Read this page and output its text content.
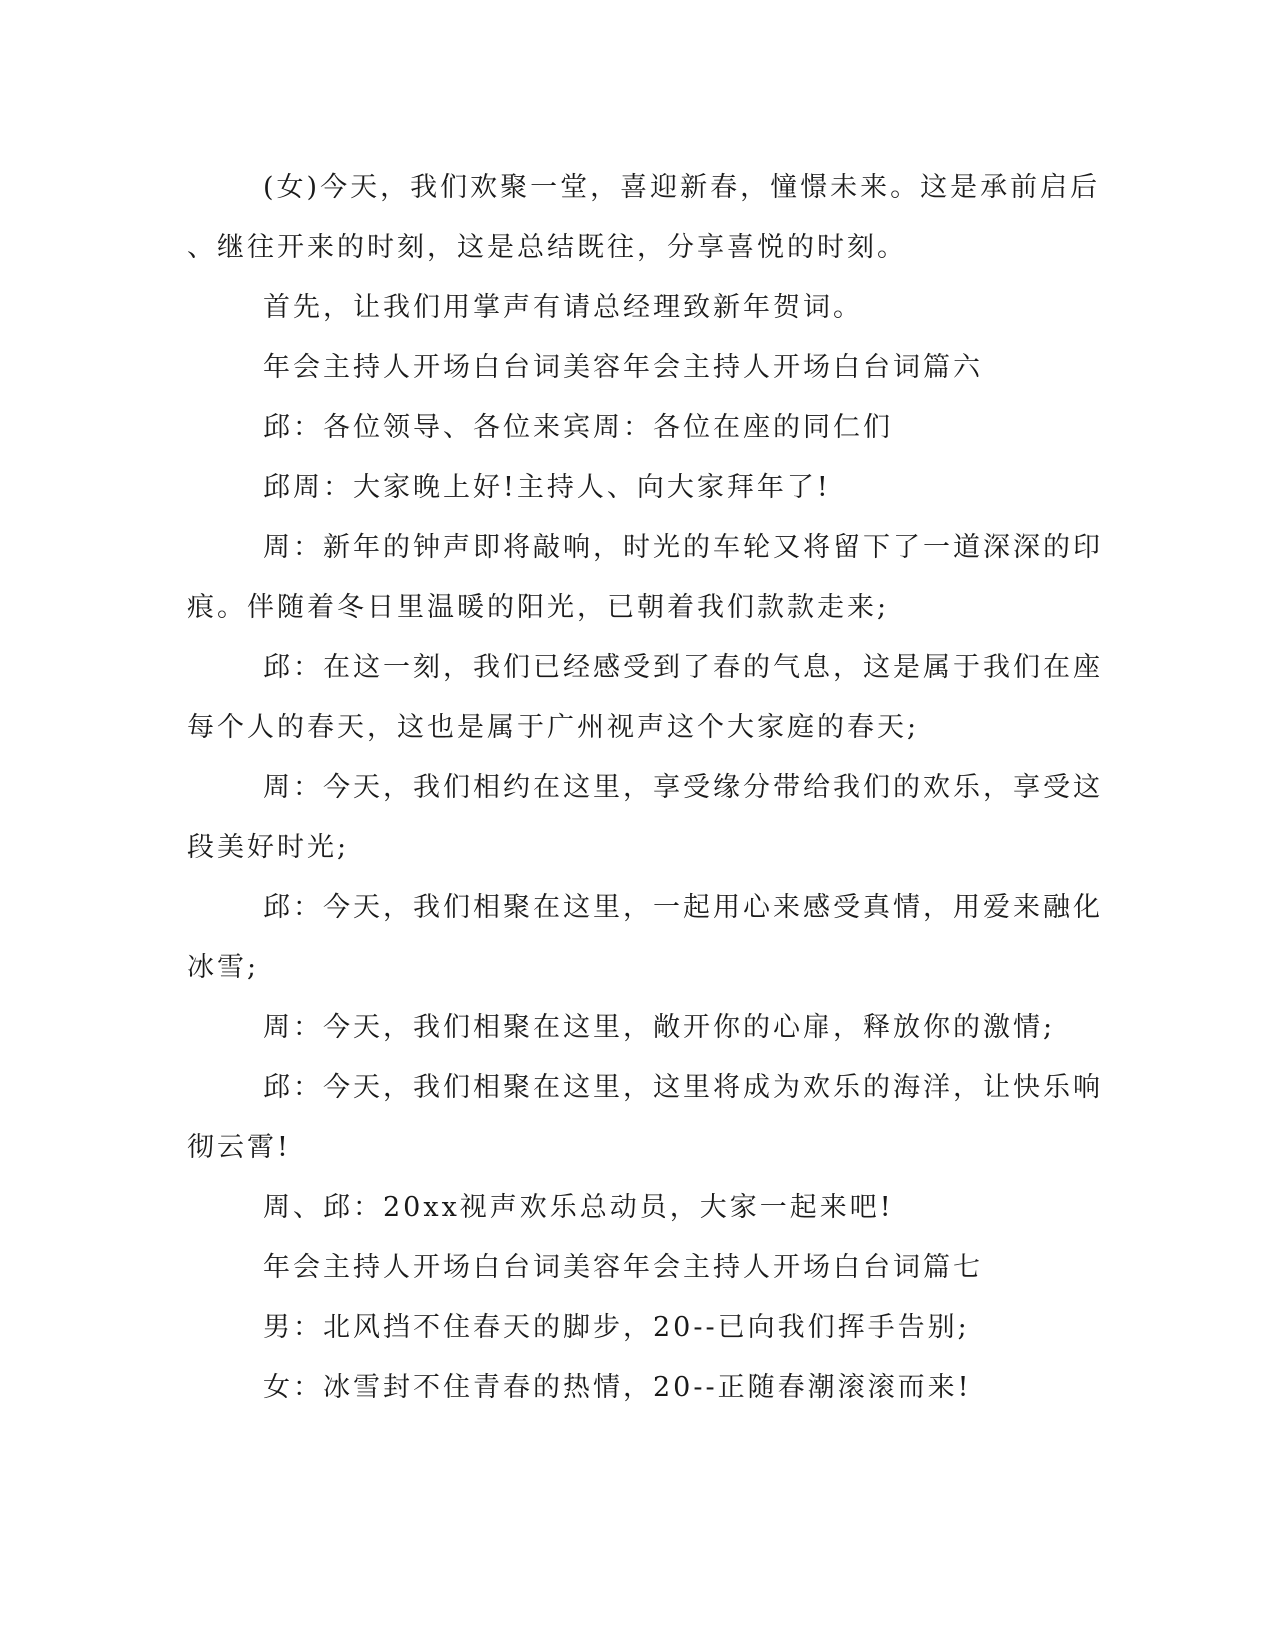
(女)今天，我们欢聚一堂，喜迎新春，憧憬未来。这是承前启后
、继往开来的时刻，这是总结既往，分享喜悦的时刻。
首先，让我们用掌声有请总经理致新年贺词。
年会主持人开场白台词美容年会主持人开场白台词篇六
邱：各位领导、各位来宾周：各位在座的同仁们
邱周：大家晚上好!主持人、向大家拜年了!
周：新年的钟声即将敲响，时光的车轮又将留下了一道深深的印
痕。伴随着冬日里温暖的阳光，已朝着我们款款走来;
邱：在这一刻，我们已经感受到了春的气息，这是属于我们在座
每个人的春天，这也是属于广州视声这个大家庭的春天;
周：今天，我们相约在这里，享受缘分带给我们的欢乐，享受这
段美好时光;
邱：今天，我们相聚在这里，一起用心来感受真情，用爱来融化
冰雪;
周：今天，我们相聚在这里，敞开你的心扉，释放你的激情;
邱：今天，我们相聚在这里，这里将成为欢乐的海洋，让快乐响
彻云霄!
周、邱：20xx视声欢乐总动员，大家一起来吧!
年会主持人开场白台词美容年会主持人开场白台词篇七
男：北风挡不住春天的脚步，20--已向我们挥手告别;
女：冰雪封不住青春的热情，20--正随春潮滚滚而来!
